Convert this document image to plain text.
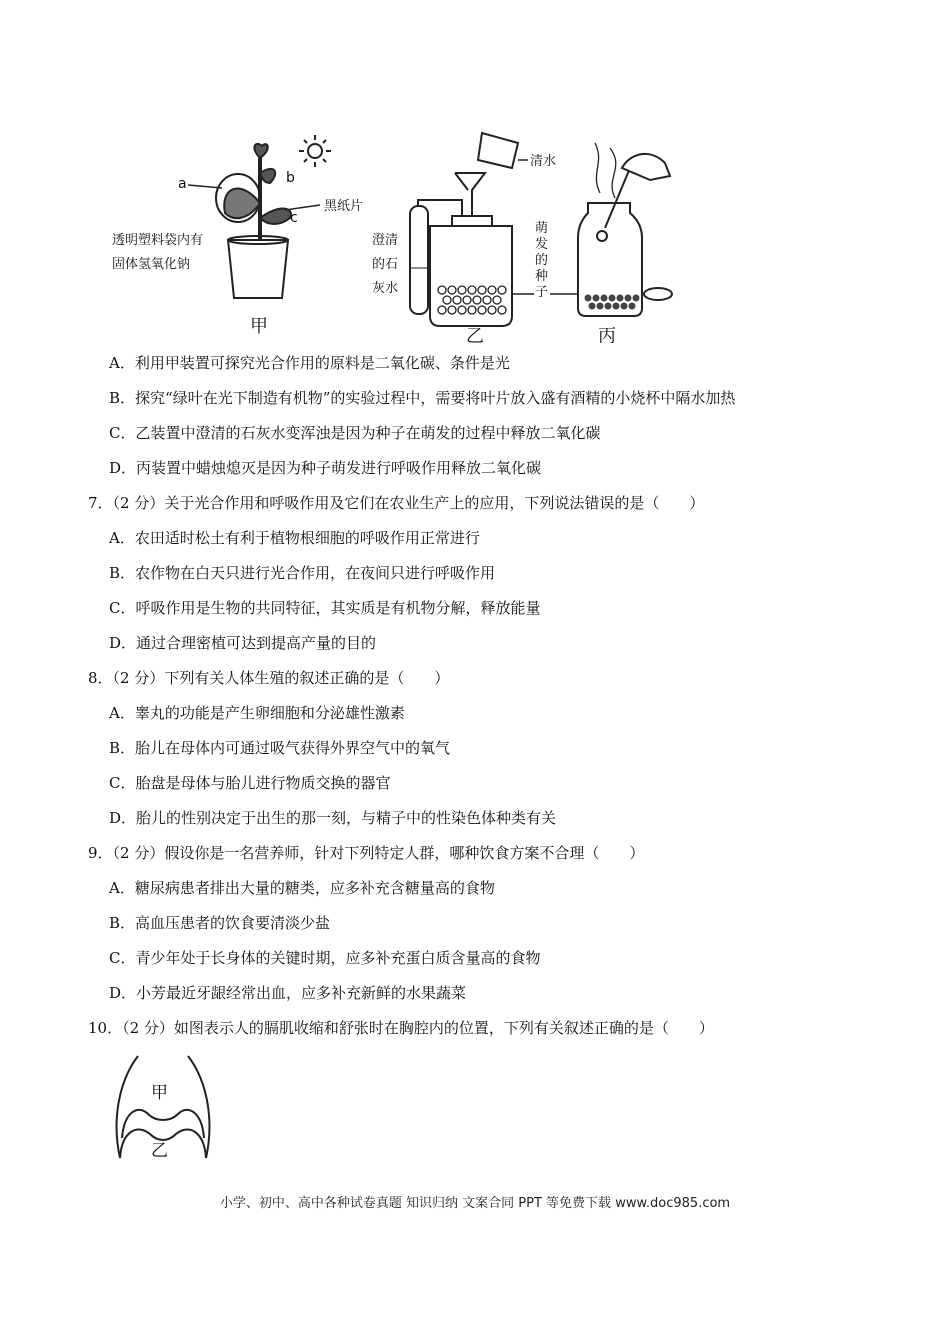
a	b
c
黑纸片
透明塑料袋内有
固体氢氧化钠
甲
清水
澄清
的石
灰水
乙
萌
发
的
种
子
丙
A．利用甲装置可探究光合作用的原料是二氧化碳、条件是光
B．探究“绿叶在光下制造有机物”的实验过程中，需要将叶片放入盛有酒精的小烧杯中隔水加热
C．乙装置中澄清的石灰水变浑浊是因为种子在萌发的过程中释放二氧化碳
D．丙装置中蜡烛熄灭是因为种子萌发进行呼吸作用释放二氧化碳
7．（2 分）关于光合作用和呼吸作用及它们在农业生产上的应用，下列说法错误的是（　　）
A．农田适时松土有利于植物根细胞的呼吸作用正常进行
B．农作物在白天只进行光合作用，在夜间只进行呼吸作用
C．呼吸作用是生物的共同特征，其实质是有机物分解，释放能量
D．通过合理密植可达到提高产量的目的
8．（2 分）下列有关人体生殖的叙述正确的是（　　）
A．睾丸的功能是产生卵细胞和分泌雄性激素
B．胎儿在母体内可通过吸气获得外界空气中的氧气
C．胎盘是母体与胎儿进行物质交换的器官
D．胎儿的性别决定于出生的那一刻，与精子中的性染色体种类有关
9．（2 分）假设你是一名营养师，针对下列特定人群，哪种饮食方案不合理（　　）
A．糖尿病患者排出大量的糖类，应多补充含糖量高的食物
B．高血压患者的饮食要清淡少盐
C．青少年处于长身体的关键时期，应多补充蛋白质含量高的食物
D．小芳最近牙龈经常出血，应多补充新鲜的水果蔬菜
10．（2 分）如图表示人的膈肌收缩和舒张时在胸腔内的位置，下列有关叙述正确的是（　　）
甲
乙
小学、初中、高中各种试卷真题 知识归纳 文案合同 PPT 等免费下载 www.doc985.com
